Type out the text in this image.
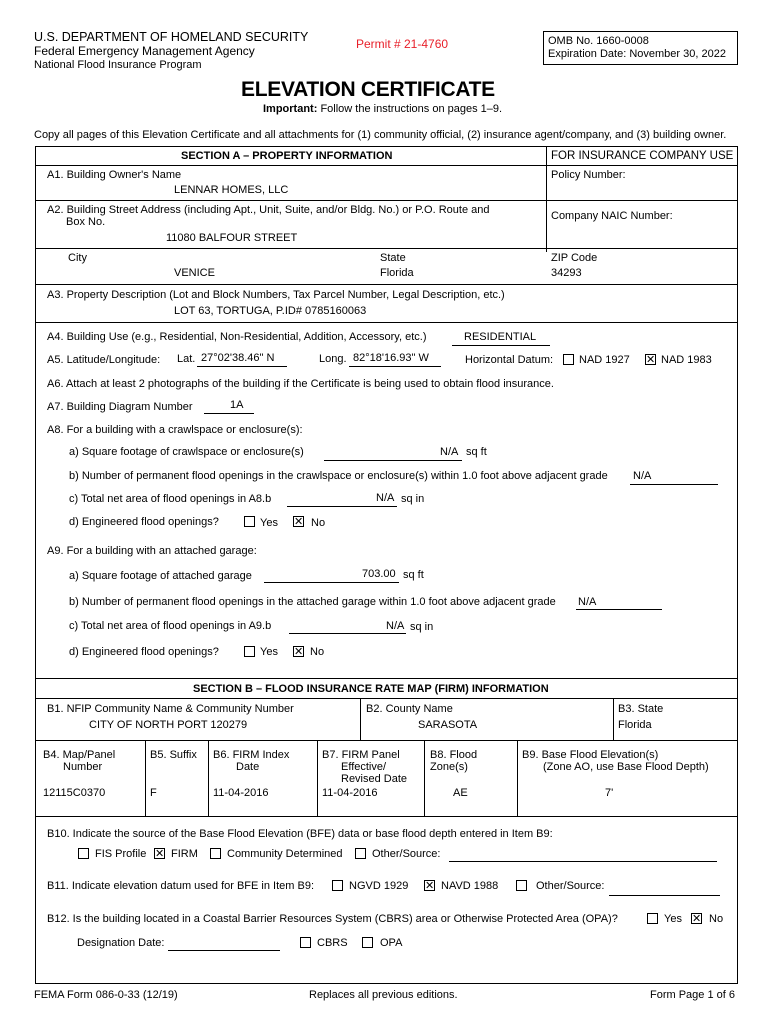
U.S. DEPARTMENT OF HOMELAND SECURITY
Federal Emergency Management Agency
National Flood Insurance Program
Permit # 21-4760	OMB No. 1660-0008
Expiration Date: November 30, 2022
ELEVATION CERTIFICATE
Important: Follow the instructions on pages 1–9.
Copy all pages of this Elevation Certificate and all attachments for (1) community official, (2) insurance agent/company, and (3) building owner.
SECTION A – PROPERTY INFORMATION	FOR INSURANCE COMPANY USE
A1. Building Owner's Name
LENNAR HOMES, LLC
Policy Number:
A2. Building Street Address (including Apt., Unit, Suite, and/or Bldg. No.) or P.O. Route and
Box No.
11080 BALFOUR STREET
Company NAIC Number:
City
VENICE
State
Florida
ZIP Code
34293
A3. Property Description (Lot and Block Numbers, Tax Parcel Number, Legal Description, etc.)
LOT 63, TORTUGA, P.ID# 0785160063
A4. Building Use (e.g., Residential, Non-Residential, Addition, Accessory, etc.)	RESIDENTIAL
A5. Latitude/Longitude: Lat. 27°02'38.46" N	Long. 82°18'16.93" W	Horizontal Datum: NAD 1927 ✕ NAD 1983
A6. Attach at least 2 photographs of the building if the Certificate is being used to obtain flood insurance.
A7. Building Diagram Number	1A
A8. For a building with a crawlspace or enclosure(s):
a) Square footage of crawlspace or enclosure(s)	N/A sq ft
b) Number of permanent flood openings in the crawlspace or enclosure(s) within 1.0 foot above adjacent grade N/A
c) Total net area of flood openings in A8.b	N/A sq in
d) Engineered flood openings?	Yes ✕ No
A9. For a building with an attached garage:
a) Square footage of attached garage	703.00 sq ft
b) Number of permanent flood openings in the attached garage within 1.0 foot above adjacent grade N/A
c) Total net area of flood openings in A9.b	N/A sq in
d) Engineered flood openings?	Yes ✕ No
SECTION B – FLOOD INSURANCE RATE MAP (FIRM) INFORMATION
B1. NFIP Community Name & Community Number
CITY OF NORTH PORT 120279
B2. County Name
SARASOTA
B3. State
Florida
B4. Map/Panel
Number
12115C0370
B5. Suffix
F
B6. FIRM Index
Date
11-04-2016
B7. FIRM Panel
Effective/
Revised Date
11-04-2016
B8. Flood
Zone(s)
AE
B9. Base Flood Elevation(s)
(Zone AO, use Base Flood Depth)
7'
B10. Indicate the source of the Base Flood Elevation (BFE) data or base flood depth entered in Item B9:
FIS Profile ✕ FIRM	Community Determined	Other/Source:
B11. Indicate elevation datum used for BFE in Item B9:	NGVD 1929 ✕ NAVD 1988	Other/Source:
B12. Is the building located in a Coastal Barrier Resources System (CBRS) area or Otherwise Protected Area (OPA)?	Yes ✕ No
Designation Date:	CBRS	OPA
FEMA Form 086-0-33 (12/19)	Replaces all previous editions.	Form Page 1 of 6
